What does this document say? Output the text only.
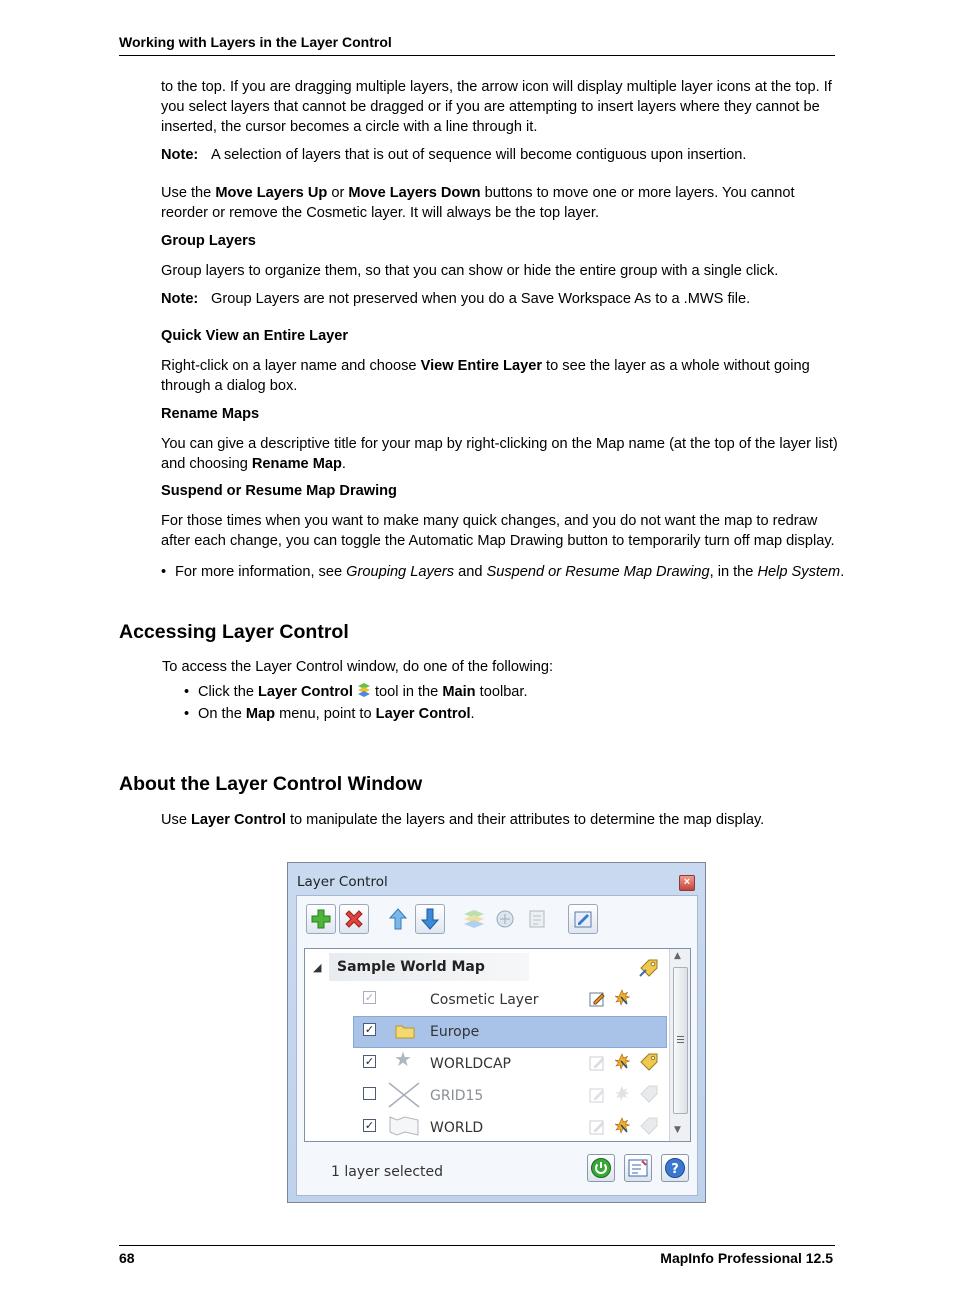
Working with Layers in the Layer Control
to the top. If you are dragging multiple layers, the arrow icon will display multiple layer icons at the top. If you select layers that cannot be dragged or if you are attempting to insert layers where they cannot be inserted, the cursor becomes a circle with a line through it.
Note: A selection of layers that is out of sequence will become contiguous upon insertion.
Use the Move Layers Up or Move Layers Down buttons to move one or more layers. You cannot reorder or remove the Cosmetic layer. It will always be the top layer.
Group Layers
Group layers to organize them, so that you can show or hide the entire group with a single click.
Note: Group Layers are not preserved when you do a Save Workspace As to a .MWS file.
Quick View an Entire Layer
Right-click on a layer name and choose View Entire Layer to see the layer as a whole without going through a dialog box.
Rename Maps
You can give a descriptive title for your map by right-clicking on the Map name (at the top of the layer list) and choosing Rename Map.
Suspend or Resume Map Drawing
For those times when you want to make many quick changes, and you do not want the map to redraw after each change, you can toggle the Automatic Map Drawing button to temporarily turn off map display.
• For more information, see Grouping Layers and Suspend or Resume Map Drawing, in the Help System.
Accessing Layer Control
To access the Layer Control window, do one of the following:
• Click the Layer Control  tool in the Main toolbar.
• On the Map menu, point to Layer Control.
About the Layer Control Window
Use Layer Control to manipulate the layers and their attributes to determine the map display.
Layer Control	×
◢ Sample World Map
✓	Cosmetic Layer
✓	Europe
✓ ★ WORLDCAP
GRID15
✓	WORLD
▲
▼
1 layer selected	?
68	MapInfo Professional 12.5
